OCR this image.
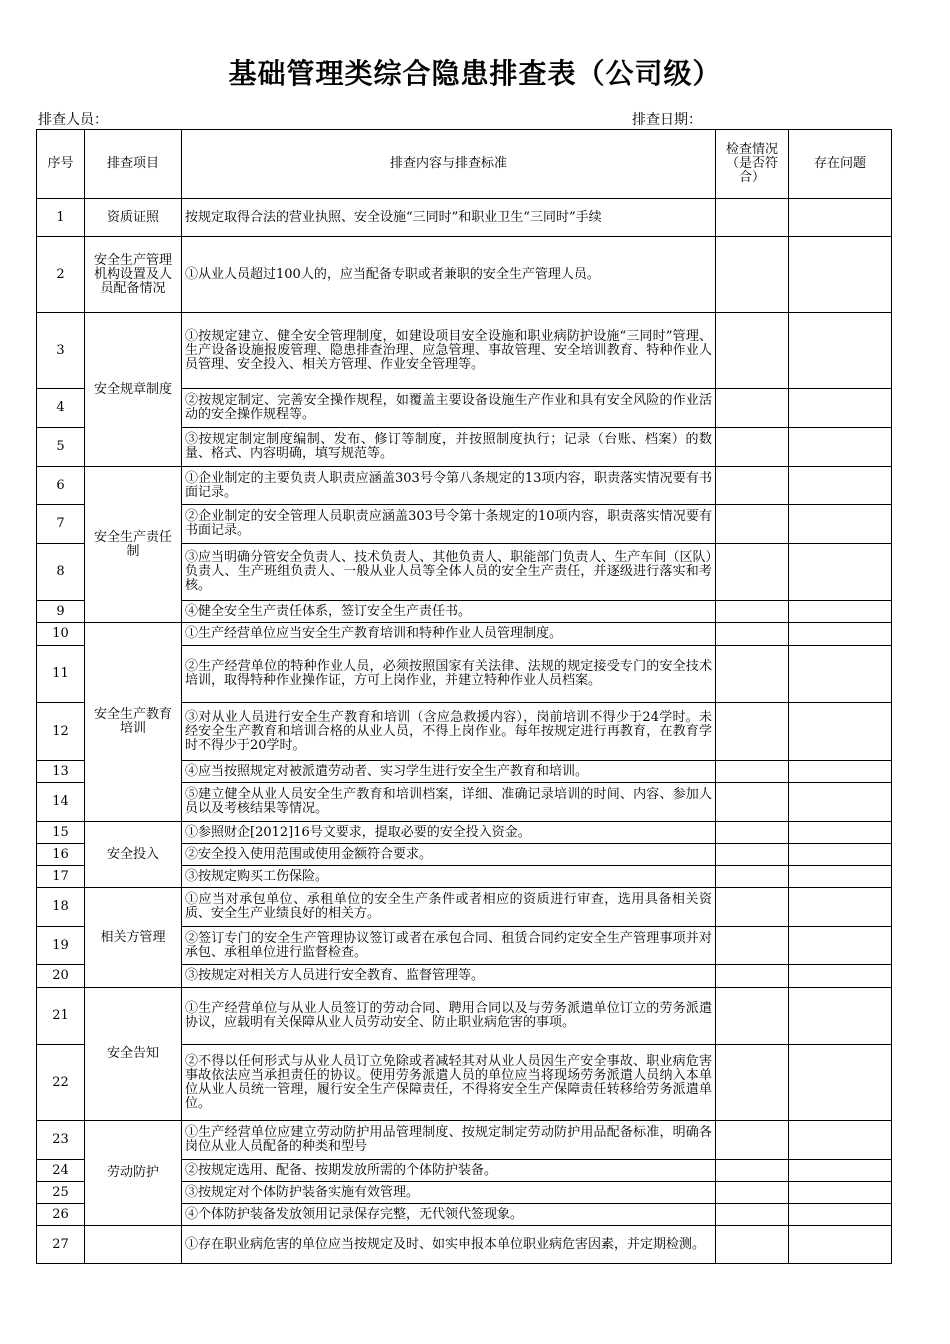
基础管理类综合隐患排查表（公司级）
排查人员：	排查日期：
序号	排查项目	排查内容与排查标准	检查情况（是否符合）	存在问题
1	资质证照	按规定取得合法的营业执照、安全设施“三同时”和职业卫生“三同时”手续		
2	安全生产管理机构设置及人员配备情况	①从业人员超过100人的，应当配备专职或者兼职的安全生产管理人员。		
3	安全规章制度	①按规定建立、健全安全管理制度，如建设项目安全设施和职业病防护设施“三同时”管理、生产设备设施报废管理、隐患排查治理、应急管理、事故管理、安全培训教育、特种作业人员管理、安全投入、相关方管理、作业安全管理等。		
4		②按规定制定、完善安全操作规程，如覆盖主要设备设施生产作业和具有安全风险的作业活动的安全操作规程等。		
5		③按规定制定制度编制、发布、修订等制度，并按照制度执行；记录（台账、档案）的数量、格式、内容明确，填写规范等。		
6	安全生产责任制	①企业制定的主要负责人职责应涵盖303号令第八条规定的13项内容，职责落实情况要有书面记录。		
7		②企业制定的安全管理人员职责应涵盖303号令第十条规定的10项内容，职责落实情况要有书面记录。		
8		③应当明确分管安全负责人、技术负责人、其他负责人、职能部门负责人、生产车间（区队）负责人、生产班组负责人、一般从业人员等全体人员的安全生产责任，并逐级进行落实和考核。		
9		④健全安全生产责任体系，签订安全生产责任书。		
10	安全生产教育培训	①生产经营单位应当安全生产教育培训和特种作业人员管理制度。		
11		②生产经营单位的特种作业人员，必须按照国家有关法律、法规的规定接受专门的安全技术培训，取得特种作业操作证，方可上岗作业，并建立特种作业人员档案。		
12		③对从业人员进行安全生产教育和培训（含应急救援内容），岗前培训不得少于24学时。未经安全生产教育和培训合格的从业人员，不得上岗作业。每年按规定进行再教育，在教育学时不得少于20学时。		
13		④应当按照规定对被派遣劳动者、实习学生进行安全生产教育和培训。		
14		⑤建立健全从业人员安全生产教育和培训档案，详细、准确记录培训的时间、内容、参加人员以及考核结果等情况。		
15	安全投入	①参照财企[2012]16号文要求，提取必要的安全投入资金。		
16		②安全投入使用范围或使用金额符合要求。		
17		③按规定购买工伤保险。		
18	相关方管理	①应当对承包单位、承租单位的安全生产条件或者相应的资质进行审查，选用具备相关资质、安全生产业绩良好的相关方。		
19		②签订专门的安全生产管理协议签订或者在承包合同、租赁合同约定安全生产管理事项并对承包、承租单位进行监督检查。		
20		③按规定对相关方人员进行安全教育、监督管理等。		
21	安全告知	①生产经营单位与从业人员签订的劳动合同、聘用合同以及与劳务派遣单位订立的劳务派遣协议，应载明有关保障从业人员劳动安全、防止职业病危害的事项。		
22		②不得以任何形式与从业人员订立免除或者减轻其对从业人员因生产安全事故、职业病危害事故依法应当承担责任的协议。使用劳务派遣人员的单位应当将现场劳务派遣人员纳入本单位从业人员统一管理，履行安全生产保障责任，不得将安全生产保障责任转移给劳务派遣单位。		
23	劳动防护	①生产经营单位应建立劳动防护用品管理制度、按规定制定劳动防护用品配备标准，明确各岗位从业人员配备的种类和型号		
24		②按规定选用、配备、按期发放所需的个体防护装备。		
25		③按规定对个体防护装备实施有效管理。		
26		④个体防护装备发放领用记录保存完整，无代领代签现象。		
27		①存在职业病危害的单位应当按规定及时、如实申报本单位职业病危害因素，并定期检测。		
